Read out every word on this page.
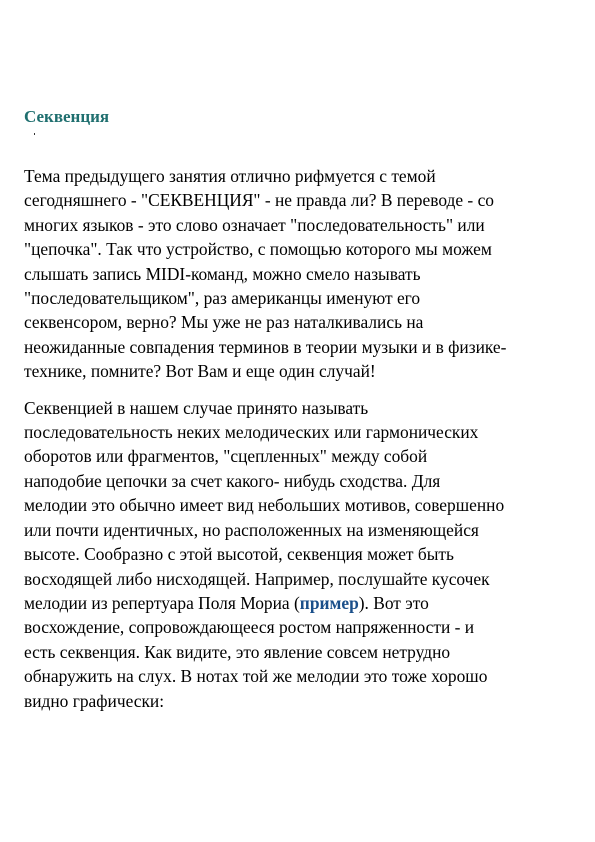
Секвенция

Тема предыдущего занятия отлично рифмуется с темой
сегодняшнего - "СЕКВЕНЦИЯ" - не правда ли? В переводе - со
многих языков - это слово означает "последовательность" или
"цепочка". Так что устройство, с помощью которого мы можем
слышать запись MIDI-команд, можно смело называть
"последовательщиком", раз американцы именуют его
секвенсором, верно? Мы уже не раз наталкивались на
неожиданные совпадения терминов в теории музыки и в физике-
технике, помните? Вот Вам и еще один случай!

Секвенцией в нашем случае принято называть
последовательность неких мелодических или гармонических
оборотов или фрагментов, "сцепленных" между собой
наподобие цепочки за счет какого- нибудь сходства. Для
мелодии это обычно имеет вид небольших мотивов, совершенно
или почти идентичных, но расположенных на изменяющейся
высоте. Сообразно с этой высотой, секвенция может быть
восходящей либо нисходящей. Например, послушайте кусочек
мелодии из репертуара Поля Мориа (пример). Вот это
восхождение, сопровождающееся ростом напряженности - и
есть секвенция. Как видите, это явление совсем нетрудно
обнаружить на слух. В нотах той же мелодии это тоже хорошо
видно графически:
